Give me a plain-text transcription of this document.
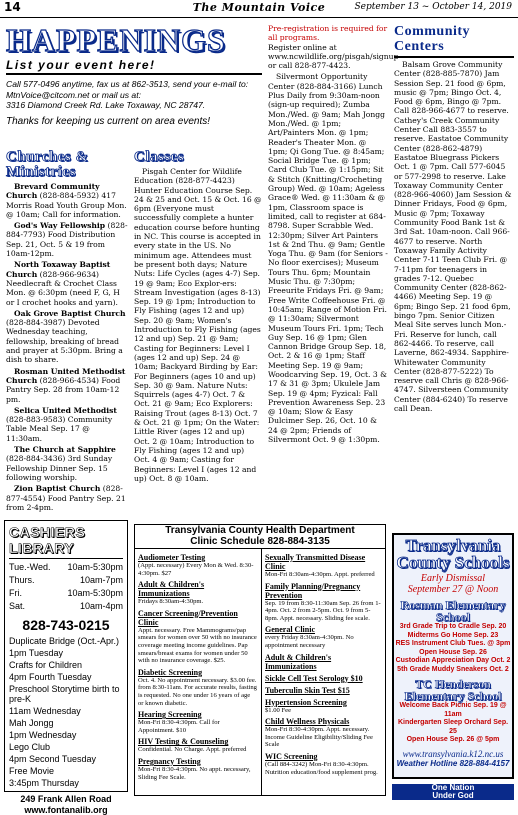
14	The Mountain Voice	September 13 ~ October 14, 2019
HAPPENINGS
List your event here!
Call 577-0496 anytime, fax us at 862-3513, send your e-mail to: MtnVoice@citcom.net or mail us at:
3316 Diamond Creek Rd. Lake Toxaway, NC 28747.
Thanks for keeping us current on area events!
Churches & Ministries
Brevard Community Church (828-884-5932) 417 Morris Road Youth Group Mon. @ 10am; Call for information.
God's Way Fellowship (828-884-7793) Food Distribution Sep. 21, Oct. 5 & 19 from 10am-12pm.
North Toxaway Baptist Church (828-966-9634) Needlecraft & Crochet Class Mon. @ 6:30pm (need F, G, H or I crochet hooks and yarn).
Oak Grove Baptist Church (828-884-3987) Devoted Wednesday teaching, fellowship, breaking of bread and prayer at 5:30pm. Bring a dish to share.
Rosman United Methodist Church (828-966-4534) Food Pantry Sep. 28 from 10am-12 pm.
Selica United Methodist (828-883-9583) Community Table Meal Sep. 17 @ 11:30am.
The Church at Sapphire (828-884-3436) 3rd Sunday Fellowship Dinner Sep. 15 following worship.
Zion Baptist Church (828-877-4554) Food Pantry Sep. 21 from 2-4pm.
Classes
Pisgah Center for Wildlife Education (828-877-4423) Hunter Education Course Sep. 24 & 25 and Oct. 15 & Oct. 16 @ 6pm (Everyone must successfully complete a hunter education course before hunting in NC. This course is accepted in every state in the US. No minimum age. Attendees must be present both days; Nature Nuts: Life Cycles (ages 4-7) Sep. 19 @ 9am; Eco Explor-ers: Stream Investigation (ages 8-13) Sep. 19 @ 1pm; Introduction to Fly Fishing (ages 12 and up) Sep. 20 @ 9am; Women's Introduction to Fly Fishing (ages 12 and up) Sep. 21 @ 9am; Casting for Beginners: Level I (ages 12 and up) Sep. 24 @ 10am; Backyard Birding by Ear: For Beginners (ages 10 and up) Sep. 30 @ 9am. Nature Nuts: Squirrels (ages 4-7) Oct. 7 & Oct. 21 @ 9am; Eco Explorers: Raising Trout (ages 8-13) Oct. 7 & Oct. 21 @ 1pm; On the Water: Little River (ages 12 and up) Oct. 2 @ 10am; Introduction to Fly Fishing (ages 12 and up) Oct. 4 @ 9am; Casting for Beginners: Level I (ages 12 and up) Oct. 8 @ 10am.
Pre-registration is required for all programs.
Register online at www.ncwildlife.org/pisgah/signup or call 828-877-4423.
Silvermont Opportunity Center (828-884-3166) Lunch Plus Daily from 9:30am-noon (sign-up required); Zumba Mon./Wed. @ 9am; Mah Jongg Mon./Wed. @ 1pm; Art/Painters Mon. @ 1pm; Reader's Theater Mon. @ 1pm; Qi Gong Tue. @ 8:45am; Social Bridge Tue. @ 1pm; Card Club Tue. @ 1:15pm; Sit & Stitch (Knitting/Crocheting Group) Wed. @ 10am; Ageless Grace® Wed. @ 11:30am & @ 1pm, Classroom space is limited, call to register at 684-8798. Super Scrabble Wed. 12:30pm; Silver Art Painters 1st & 2nd Thu. @ 9am; Gentle Yoga Thu. @ 9am (for Seniors -No floor exercises); Museum Tours Thu. 6pm; Mountain Music Thu. @ 7:30pm; Freeurite Fridays Fri. @ 9am; Free Write Coffeehouse Fri. @ 10:45am; Range of Motion Fri. @ 11:30am; Silvermont Museum Tours Fri. 1pm; Tech Guy Sep. 16 @ 1pm; Glen Cannon Bridge Group Sep. 18, Oct. 2 & 16 @ 1pm; Staff Meeting Sep. 19 @ 9am; Woodcarving Sep. 19, Oct. 3 & 17 & 31 @ 3pm; Ukulele Jam Sep. 19 @ 4pm; Fyzical: Fall Prevention Awareness Sep. 23 @ 10am; Slow & Easy Dulcimer Sep. 26, Oct. 10 & 24 @ 2pm; Friends of Silvermont Oct. 9 @ 1:30pm.
Community Centers
Balsam Grove Community Center (828-885-7870) Jam Session Sep. 21 food @ 6pm, music @ 7pm; Bingo Oct. 4, Food @ 6pm, Bingo @ 7pm. Call 828-966-4677 to reserve. Cathey's Creek Community Center Call 883-3557 to reserve. Eastatoe Community Center (828-862-4879) Eastatoe Bluegrass Pickers Oct. 1 @ 7pm. Call 577-6045 or 577-2998 to reserve. Lake Toxaway Community Center (828-966-4060) Jam Session & Dinner Fridays, Food @ 6pm, Music @ 7pm; Toxaway Community Food Bank 1st & 3rd Sat. 10am-noon. Call 966-4677 to reserve. North Toxaway Family Activity Center 7-11 Teen Club Fri. @ 7-11pm for teenagers in grades 7-12. Quebec Community Center (828-862-4466) Meeting Sep. 19 @ 6pm; Bingo Sep. 21 food 6pm, bingo 7pm. Senior Citizen Meal Site serves lunch Mon.-Fri. Reserve for lunch, call 862-4466. To reserve, call Laverne, 862-4934. Sapphire-Whitewater Community Center (828-877-5222) To reserve call Chris @ 828-966-4747. Silversteen Community Center (884-6240) To reserve call Dean.
CASHIERS LIBRARY
Tue.-Wed. 10am-5:30pm
Thurs.	10am-7pm
Fri.	10am-5:30pm
Sat.	10am-4pm
828-743-0215
Duplicate Bridge (Oct.-Apr.)
1pm Tuesday
Crafts for Children
4pm Fourth Tuesday
Preschool Storytime birth to pre-K
11am Wednesday
Mah Jongg
1pm Wednesday
Lego Club
4pm Second Tuesday
Free Movie
3:45pm Thursday
249 Frank Allen Road
www.fontanalib.org
Transylvania County Health Department
Clinic Schedule 828-884-3135
Audiometer Testing
(Appt. necessary) Every Mon & Wed. 8:30-4:30pm. $27
Adult & Children's Immunizations
Fridays 8:30am-4:30pm.
Cancer Screening/Prevention Clinic
Appt. necessary. Free Mammograms/pap smears for women over 50 with no insurance coverage meeting income guidelines. Pap smears/breast exams for women under 50 with no insurance coverage. $25.
Diabetic Screening
Oct. 4. No appointment necessary. $3.00 fee. from 8:30-11am. For accurate results, fasting is requested. No one under 16 years of age or known diabetic.
Hearing Screening
Mon-Fri 8:30-4:30pm. Call for Appointment. $10
HIV Testing & Counseling
Confidential. No Charge. Appt. preferred
Pregnancy Testing
Mon-Fri 8:30-4:30pm. No appt. necessary, Sliding Fee Scale.
Sexually Transmitted Disease Clinic
Mon-Fri 8:30am-4:30pm. Appt. preferred
Family Planning/Pregnancy Prevention
Sep. 19 from 8:30-11:30am Sep. 26 from 1-4pm. Oct. 2 from 2-5pm. Oct. 9 from 5-8pm. Appt. necessary. Sliding fee scale.
General Clinic
every Friday 8:30am-4:30pm. No appointment necessary
Adult & Children's Immunizations
Sickle Cell Test Serology $10
Tuberculin Skin Test $15
Hypertension Screening
$1.00 Fee
Child Wellness Physicals
Mon-Fri 8:30-4:30pm. Appt. necessary. Income Guideline Eligibility/Sliding Fee Scale
WIC Screening
(Call 884-3242) Mon-Fri 8:30-4:30pm. Nutrition education/food supplement prog.
Transylvania
County Schools
Early Dismissal
September 27 @ Noon
Rosman Elementary School
3rd Grade Trip to Cradle Sep. 20
Midterms Go Home Sep. 23
RES Instrument Club Tues. @ 3pm
Open House Sep. 26
Custodian Appreciation Day Oct. 2
5th Grade Muddy Sneakers Oct. 2
TC Henderson Elementary School
Welcome Back Picnic Sep. 19 @ 11am
Kindergarten Sleep Orchard Sep. 25
Open House Sep. 26 @ 5pm
www.transylvania.k12.nc.us
Weather Hotline 828-884-4157
One Nation
Under God
